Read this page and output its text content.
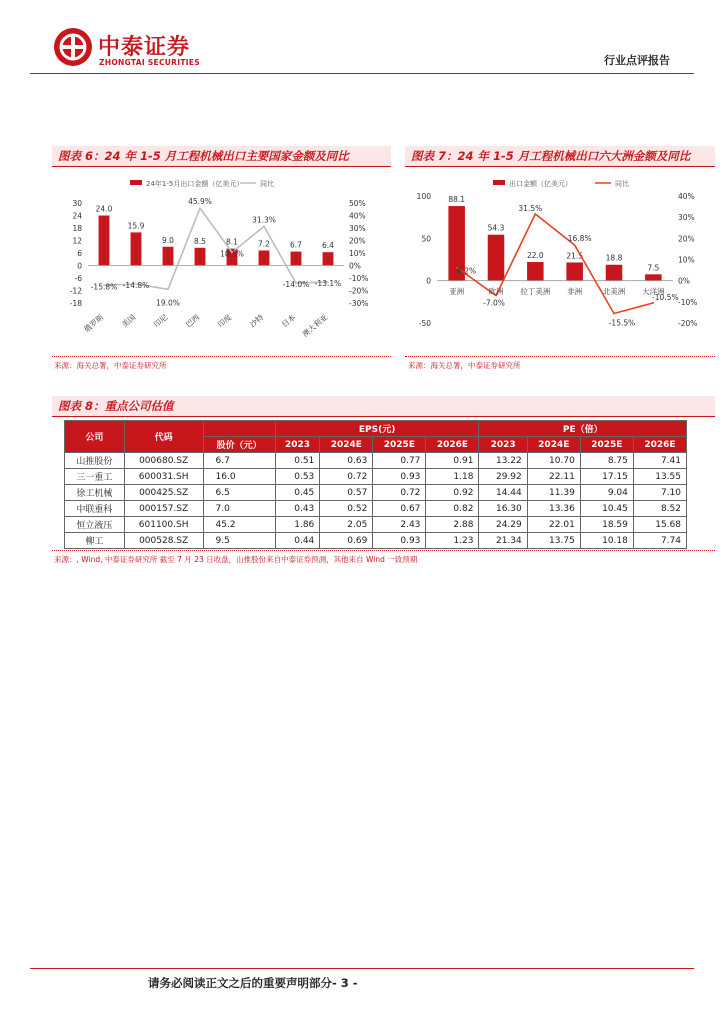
中泰证券
ZHONGTAI SECURITIES	行业点评报告
图表 6：24 年 1-5 月工程机械出口主要国家金额及同比
24年1-5月出口金额（亿美元） 同比
30
24
18
12
6
0
-6
-12
-18
50%
40%
30%
20%
10%
0%
-10%
-20%
-30%
24.0
15.9
9.0	8.5	8.1	7.2	6.7	6.4
-15.8% -14.8%
19.0%
45.9%
10.5%
31.3%
-14.0% -13.1%
俄罗斯 美国 印尼 巴西 印度 沙特 日本 澳大利亚
来源：海关总署，中泰证券研究所
图表 7：24 年 1-5 月工程机械出口六大洲金额及同比
出口金额（亿美元）	同比
100
50
0
-50
40%
30%
20%
10%
0%
-10%
-20%
88.1
54.3
22.0	21.5	18.8
7.5
6.2%
-7.0%
31.5%
16.8%
-15.5%
-10.5%
亚洲	欧洲 拉丁美洲 非洲	北美洲 大洋洲
来源：海关总署，中泰证券研究所
图表 8：重点公司估值
公司	代码		EPS(元)				PE（倍）			
		股价（元）	2023	2024E	2025E	2026E	2023	2024E	2025E	2026E
山推股份	000680.SZ	6.7	0.51	0.63	0.77	0.91	13.22	10.70	8.75	7.41
三一重工	600031.SH	16.0	0.53	0.72	0.93	1.18	29.92	22.11	17.15	13.55
徐工机械	000425.SZ	6.5	0.45	0.57	0.72	0.92	14.44	11.39	9.04	7.10
中联重科	000157.SZ	7.0	0.43	0.52	0.67	0.82	16.30	13.36	10.45	8.52
恒立液压	601100.SH	45.2	1.86	2.05	2.43	2.88	24.29	22.01	18.59	15.68
柳工	000528.SZ	9.5	0.44	0.69	0.93	1.23	21.34	13.75	10.18	7.74
来源：, Wind, 中泰证券研究所 截至 7 月 23 日收盘，山推股份来自中泰证券预测，其他来自 Wind 一致预期
请务必阅读正文之后的重要声明部分- 3 -
